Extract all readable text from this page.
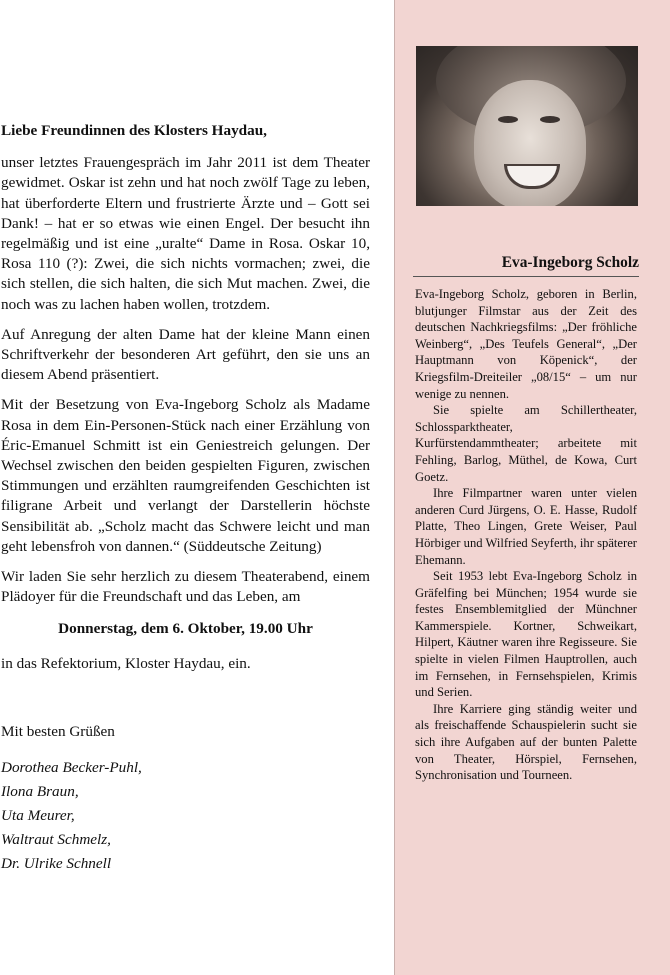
Liebe Freundinnen des Klosters Haydau,

unser letztes Frauengespräch im Jahr 2011 ist dem Theater gewidmet. Oskar ist zehn und hat noch zwölf Tage zu leben, hat überforderte Eltern und frustrierte Ärzte und – Gott sei Dank! – hat er so etwas wie einen Engel. Der besucht ihn regelmäßig und ist eine „uralte“ Dame in Rosa. Oskar 10, Rosa 110 (?): Zwei, die sich nichts vormachen; zwei, die sich stellen, die sich halten, die sich Mut machen. Zwei, die noch was zu lachen haben wollen, trotzdem.

Auf Anregung der alten Dame hat der kleine Mann einen Schriftverkehr der besonderen Art geführt, den sie uns an diesem Abend präsentiert.

Mit der Besetzung von Eva-Ingeborg Scholz als Madame Rosa in dem Ein-Personen-Stück nach einer Erzählung von Éric-Emanuel Schmitt ist ein Geniestreich gelungen. Der Wechsel zwischen den beiden gespielten Figuren, zwischen Stimmungen und erzählten raumgreifenden Geschichten ist filigrane Arbeit und verlangt der Darstellerin höchste Sensibilität ab. „Scholz macht das Schwere leicht und man geht lebensfroh von dannen.“ (Süddeutsche Zeitung)

Wir laden Sie sehr herzlich zu diesem Theaterabend, einem Plädoyer für die Freundschaft und das Leben, am

Donnerstag, dem 6. Oktober, 19.00 Uhr

in das Refektorium, Kloster Haydau, ein.

Mit besten Grüßen

Dorothea Becker-Puhl,
Ilona Braun,
Uta Meurer,
Waltraut Schmelz,
Dr. Ulrike Schnell
Eva-Ingeborg Scholz

Eva-Ingeborg Scholz, geboren in Berlin, blutjunger Filmstar aus der Zeit des deutschen Nachkriegsfilms: „Der fröhliche Weinberg“, „Des Teufels General“, „Der Hauptmann von Köpenick“, der Kriegsfilm-Dreiteiler „08/15“ – um nur wenige zu nennen.

Sie spielte am Schillertheater, Schlossparktheater, Kurfürstendammtheater; arbeitete mit Fehling, Barlog, Müthel, de Kowa, Curt Goetz.

Ihre Filmpartner waren unter vielen anderen Curd Jürgens, O. E. Hasse, Rudolf Platte, Theo Lingen, Grete Weiser, Paul Hörbiger und Wilfried Seyferth, ihr späterer Ehemann.

Seit 1953 lebt Eva-Ingeborg Scholz in Gräfelfing bei München; 1954 wurde sie festes Ensemblemitglied der Münchner Kammerspiele. Kortner, Schweikart, Hilpert, Käutner waren ihre Regisseure. Sie spielte in vielen Filmen Hauptrollen, auch im Fernsehen, in Fernsehspielen, Krimis und Serien.

Ihre Karriere ging ständig weiter und als freischaffende Schauspielerin sucht sie sich ihre Aufgaben auf der bunten Palette von Theater, Hörspiel, Fernsehen, Synchronisation und Tourneen.
